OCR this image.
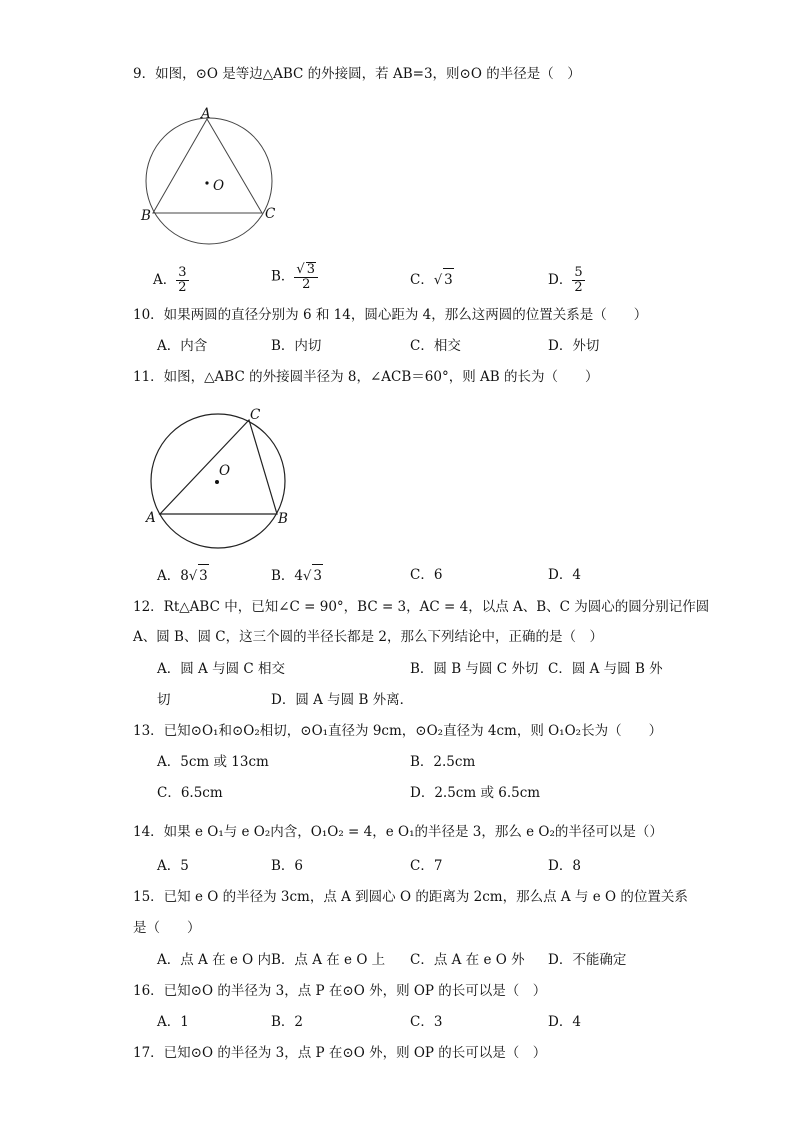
9．如图，⊙O 是等边△ABC 的外接圆，若 AB=3，则⊙O 的半径是（　）
A
B	C
O
A． $\frac{3}{2}$	B． $\frac{√ 3}{2}$	C．√ 3	D． $\frac{5}{2}$
10．如果两圆的直径分别为 6 和 14，圆心距为 4，那么这两圆的位置关系是（　　）
A．内含	B．内切	C．相交	D．外切
11．如图，△ABC 的外接圆半径为 8，∠ACB＝60°，则 AB 的长为（　　）
C
A	B
O
A．8√ 3	B．4√ 3	C．6	D．4
12．Rt△ABC 中，已知∠C = 90°，BC = 3，AC = 4，以点 A、B、C 为圆心的圆分别记作圆
A、圆 B、圆 C，这三个圆的半径长都是 2，那么下列结论中，正确的是（　）
A．圆 A 与圆 C 相交	B．圆 B 与圆 C 外切 C．圆 A 与圆 B 外
切	D．圆 A 与圆 B 外离．
13．已知⊙O₁和⊙O₂相切，⊙O₁直径为 9cm，⊙O₂直径为 4cm，则 O₁O₂长为（　　）
A．5cm 或 13cm	B．2.5cm
C．6.5cm	D．2.5cm 或 6.5cm
14．如果 e O₁与 e O₂内含，O₁O₂ = 4，e O₁的半径是 3，那么 e O₂的半径可以是（）
A．5	B．6	C．7	D．8
15．已知 e O 的半径为 3cm，点 A 到圆心 O 的距离为 2cm，那么点 A 与 e O 的位置关系
是（　　）
A．点 A 在 e O 内 B．点 A 在 e O 上 C．点 A 在 e O 外 D．不能确定
16．已知⊙O 的半径为 3，点 P 在⊙O 外，则 OP 的长可以是（　）
A．1	B．2	C．3	D．4
17．已知⊙O 的半径为 3，点 P 在⊙O 外，则 OP 的长可以是（　）
